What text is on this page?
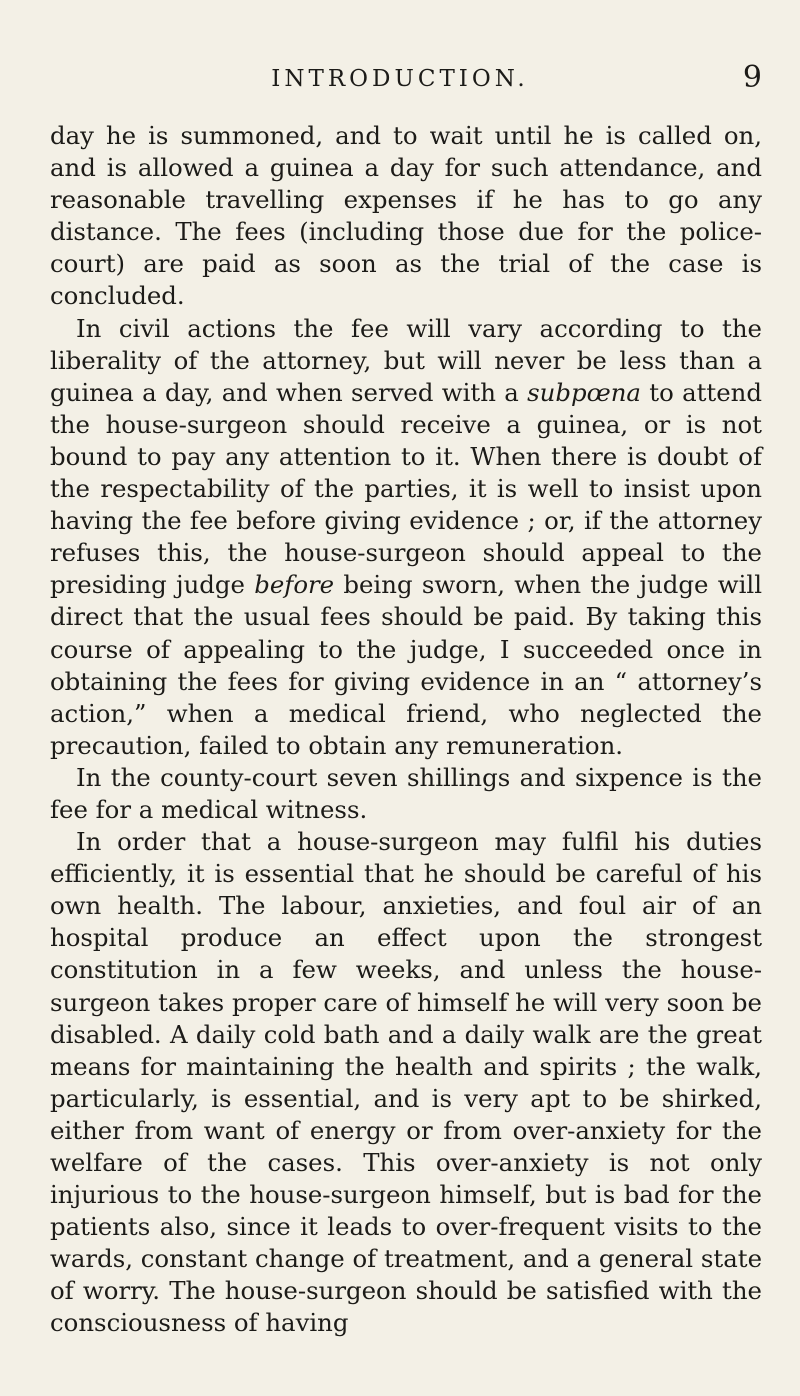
INTRODUCTION.	9

day he is summoned, and to wait until he is called on, and is allowed a guinea a day for such attendance, and reasonable travelling expenses if he has to go any distance. The fees (including those due for the police-court) are paid as soon as the trial of the case is concluded.

In civil actions the fee will vary according to the liberality of the attorney, but will never be less than a guinea a day, and when served with a subpœna to attend the house-surgeon should receive a guinea, or is not bound to pay any attention to it. When there is doubt of the respectability of the parties, it is well to insist upon having the fee before giving evidence ; or, if the attorney refuses this, the house-surgeon should appeal to the presiding judge before being sworn, when the judge will direct that the usual fees should be paid. By taking this course of appealing to the judge, I succeeded once in obtaining the fees for giving evidence in an “ attorney’s action,” when a medical friend, who neglected the precaution, failed to obtain any remuneration.

In the county-court seven shillings and sixpence is the fee for a medical witness.

In order that a house-surgeon may fulfil his duties efficiently, it is essential that he should be careful of his own health. The labour, anxieties, and foul air of an hospital produce an effect upon the strongest constitution in a few weeks, and unless the house-surgeon takes proper care of himself he will very soon be disabled. A daily cold bath and a daily walk are the great means for maintaining the health and spirits ; the walk, particularly, is essential, and is very apt to be shirked, either from want of energy or from over-anxiety for the welfare of the cases. This over-anxiety is not only injurious to the house-surgeon himself, but is bad for the patients also, since it leads to over-frequent visits to the wards, constant change of treatment, and a general state of worry. The house-surgeon should be satisfied with the consciousness of having
